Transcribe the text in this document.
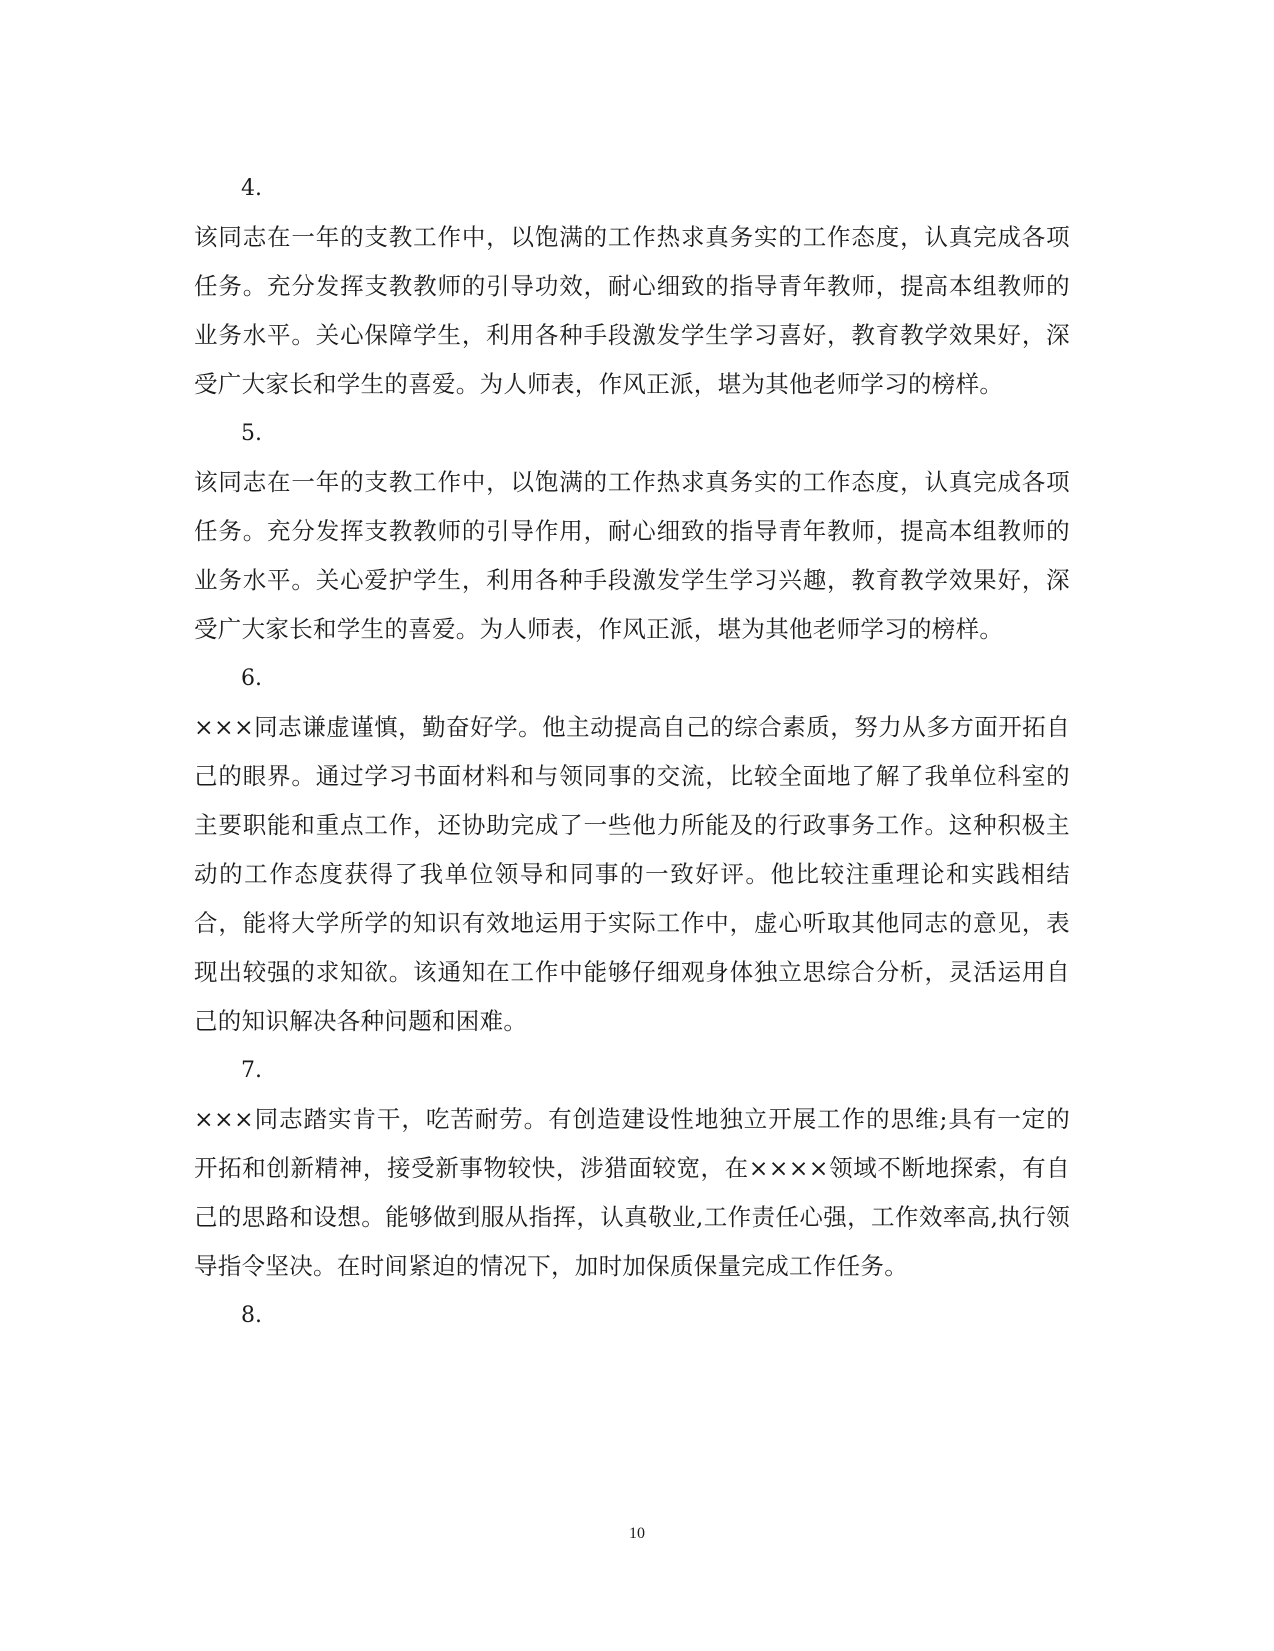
4.
该同志在一年的支教工作中，以饱满的工作热求真务实的工作态度，认真完成各项任务。充分发挥支教教师的引导功效，耐心细致的指导青年教师，提高本组教师的业务水平。关心保障学生，利用各种手段激发学生学习喜好，教育教学效果好，深受广大家长和学生的喜爱。为人师表，作风正派，堪为其他老师学习的榜样。
5.
该同志在一年的支教工作中，以饱满的工作热求真务实的工作态度，认真完成各项任务。充分发挥支教教师的引导作用，耐心细致的指导青年教师，提高本组教师的业务水平。关心爱护学生，利用各种手段激发学生学习兴趣，教育教学效果好，深受广大家长和学生的喜爱。为人师表，作风正派，堪为其他老师学习的榜样。
6.
×××同志谦虚谨慎，勤奋好学。他主动提高自己的综合素质，努力从多方面开拓自己的眼界。通过学习书面材料和与领同事的交流，比较全面地了解了我单位科室的主要职能和重点工作，还协助完成了一些他力所能及的行政事务工作。这种积极主动的工作态度获得了我单位领导和同事的一致好评。他比较注重理论和实践相结合，能将大学所学的知识有效地运用于实际工作中，虚心听取其他同志的意见，表现出较强的求知欲。该通知在工作中能够仔细观身体独立思综合分析，灵活运用自己的知识解决各种问题和困难。
7.
×××同志踏实肯干，吃苦耐劳。有创造建设性地独立开展工作的思维;具有一定的开拓和创新精神，接受新事物较快，涉猎面较宽，在××××领域不断地探索，有自己的思路和设想。能够做到服从指挥，认真敬业,工作责任心强，工作效率高,执行领导指令坚决。在时间紧迫的情况下，加时加保质保量完成工作任务。
8.
10
